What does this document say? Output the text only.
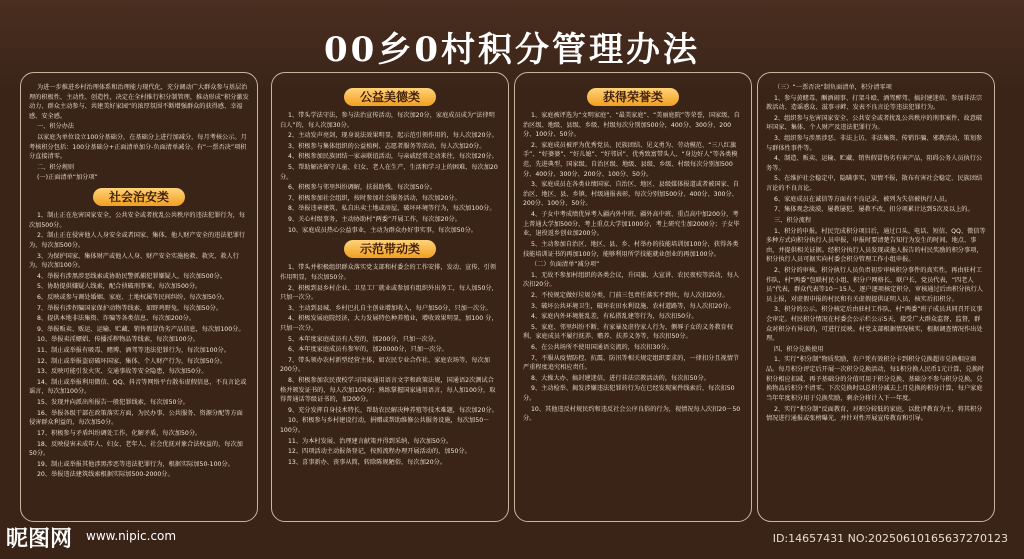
00乡0村积分管理办法

为进一步推进乡村治理体系和治理能力现代化，充分调动广大群众参与基层治理的积极性、主动性、创造性，决定在全村推行积分制管理，推动形成“积分激发动力、群众主动参与、共建美好家园”的浓厚氛围不断增强群众的获得感、幸福感、安全感。

一、积分办法

以家庭为单位设立100分基础分，在基础分上进行加减分，每月考核公示。月考核积分包括：100分基础分+正面清单加分-负面清单减分。有“一票否决”项积分直接清零。

二、积分规则

(一)正面清单“加分项”

社会治安类

1、制止正在危害国家安全，公共安全或者扰乱公共秩序的违法犯罪行为，每次加500分。

2、制止正在侵害他人人身安全或者国家、集体、他人财产安全的违法犯罪行为，每次加500分。

3、为保护国家、集体财产或他人人身、财产安全实施抢救、救灾、救人行为，每次加100分。

4、举报有涉黑涉恶线索或协助民警抓捕犯罪嫌疑人，每次加500分。

5、协助提供嫌疑人线索，配合侦破刑事案，每次加500分。

6、反映或参与调处婚姻、家庭、土地权属等民间纠纷，每次加50分。

7、举报有涉拐骗国家保护动物等线索，如野鸡野兔，每次加50分。

8、提供本地非法集资、诈骗等各类信息，每次加200分。

9、举报贩卖、贩运、运输、贮藏、销售假冒伪劣产品信息，每次加100分。

10、举报卖淫嫖娼、传播淫秽物品等线索，每次加100分。

11、制止或举报有吸毒、赌博、酒驾等违法犯罪行为，每次加100分。

12、制止或举报盗窃破坏国家、集体、个人财产行为，每次加50分。

13、反映可能引发火灾、交通事故等安全隐患，每次加50分。

14、制止或举报利用微信、QQ、抖音等网络平台散布虚假信息，不良言论或谣言，每次加100分。

15、发现并向派出所报告一般犯罪线索，每次加50分。

16、举报各级干部在政策落实方面，为民办事、公共服务、资源分配等方面侵害群众利益的，每次加50分。

17、积极参与矛盾纠纷调处工作，化解矛盾，每次加50分。

18、反映侵害未成年人、妇女、老年人、社会优抚对象合法权益的，每次加50分。

19、制止或举报其他涉黑涉恶等违法犯罪行为，根据实际加50-100分。

20、举报违法建筑线索根据实际加500-2000分。

公益美德类

1、带头学法守法，参与法治宣传活动，每次加20分，家庭成员成为“法律明白人”的，每人次加30分。

2、主动发声亮剑，现身说法效果明显，起示范引领作用的，每人次加20分。

3、积极参与集体组织的公益植树、志愿者服务等活动，每人次加20分。

4、积极参加民族团结一家亲联谊活动，与亲戚经常走动来往，每次加20分。

5、帮助解决留守儿童、妇女、老人在生产、生活和学习上的困难，每次加20分。

6、积极参与邻里纠纷调解，扶弱助残，每次加50分。

7、积极参加社会组织，按时参加社会服务活动，每次加20分。

8、举报违章建筑、私自出卖土地或房屋，破坏环境等行为，每次加100分。

9、关心村级事务，主动协助村“两委”开展工作，每次加20分。

10、家庭成员热心公益事业，主动为群众办好事实事，每次加50分。

示范带动类

1、带头并积极组织群众落实党支部和村委会的工作安排，发动、宣传、引领作用明显，每次加50分。

2、积极到县乡村企业、卫星工厂就业或参加有组织外出务工，每人加50分，只加一次分。

3、主动到县城、乡村巴扎自主创业增加收入，每户加50分，只加一次分。

4、积极发展庭院经济，大力发展特色种养殖业，增收效果明显，加100 分，只加一次分。

5、本年度家庭成员有人党的，加200分，只加一次分。

6、本年度家庭成员有参军的，加20000分，只加一次分。

7、带头领办农村新型经营主体，如农民专业合作社、家庭农场等，每次加200分。

8、积极参加农民夜校学习国家通用语言文字和政策法规，国通语2次测试合格并颁发证书的，每人次加100分；熟练掌握国家通用语言，每人加100分，取得普通话等级证书的，加200分。

9、充分发挥自身技术特长，帮助农民解决种养殖等技术难题，每次加20分。

10、积极参与乡村建设行动，捐赠或帮助维修公共服务设施，每次加50－100分。

11、为本村发展、治理建言献策并得到采纳，每次加50分。

12、四项活动主动报备登记，按照流程办理开展活动的，加50分。

13、喜事新办、丧事从简，转除陈规陋俗，每次加20分。

获得荣誉类

1、家庭被评选为“文明家庭”、“最美家庭”、“美丽庭院”等荣誉，国家级、自治区级、地级、县级、乡级、村级每次分别加500分，400分、300分、200分、100分、50分。

2、家庭成员被评为优秀党员、民族团结、见义勇为、劳动模范、“三八红旗手”、“好婆婆”、“好儿媳”、“好邻居”、优秀致富带头人、“身边好人”等各类模范，先进典型，国家级、自治区级、地级、县级、乡级、村级每次分别加500分、400分、300分、200分、100分、50分。

3、家庭成员在各类业绩国家、自治区、地区、县级媒体报道或者被国家、自治区、地区、县、乡镇、村级通报表彰，每次分别加500分、400分、300分、200分、100分、50分。

4、子女中考成绩优异考入疆内外中班、疆外高中班、重点高中加200分，考上普通大学加500分，考上重点大学加1000分，考上研究生加2000分；子女毕业，退役返乡创业加200分。

5、主动参加自治区、地区、县、乡、村举办的技能培训加100分，获得各类技能培训证书的再加100分，能够利用所学技能就业创业的再加100分。

（二）负面清单“减分项”

1、无故不参加村组织的各类会议，升国旗、大宣讲、农民夜校等活动，每人次扣20分。

2、不按规定做好垃圾分类，门前三包责任落实不到位，每人次扣20分。

3、破坏公共环境卫生，破坏农田水利设施、农村道路等，每人次扣20分。

4、家庭内外环境脏乱差，有私搭乱建等行为，每次扣50分。

5、家庭、邻里纠纷不断、有家暴及虐待家人行为、侧辱子女的义务教育权利、家庭成员不履行抚养、赡养、扶养义务等，每次扣50分。

6、在公共场所不使用国通语交流的，每次扣30分。

7、不服从疫情防控、抗震、防汛等相关规定组织要求的，一律扣分且视情节严重程度追究相应责任。

8、大操大办、搞封建迷信，进行非法宗教活动的，每次扣50分。

9、主动检举、揭发涉嫌违法犯罪的行为在已经发现案件线索后，每次扣50分。

10、其他违反村规民约和违反社会公序良俗的行为，视情况每人次扣20－50分。

（三）“一票否决”制负面清单，积分清零项

1、参与黄赌毒、酗酒闹事、打架斗殴、酒驾醉驾、搞封建迷信、参加非法宗教活动、造谣惑众、滋事寻衅、发表不良言论等违法犯罪行为。

2、组织参与危害国家安全、公共安全或者扰乱公共秩序的刑事案件、故意破坏国家、集体、个人财产及违法犯罪行为。

3、组织参与涉黑涉恶、非法上访、非法集资、传销诈骗、邪教活动，策划参与群体性事件等。

4、制造、贩卖、运输、贮藏、销售假冒伪劣有害产品，阻碍公务人员执行公务等。

5、在维护社会稳定中，隐瞒事实，知情不报，散布有害社会稳定、民族团结言论的不良言论。

6、家庭成员在诚信等方面有不良记录，被列为失信被执行人员。

7、集体观念淡漠，屡教屡犯，屡教不改，扣分项累计达到5次及以上的。

三、积分流程

1、积分的申报。村民完成积分项目后，通过口头、电话、短信、QQ、微信等多种方式向积分执行人员申报，申报时要清楚告知行为发生的时间、地点、事由，并提供相关证据。经积分执行人员发现或他人报告的村民奖励的积分事项，积分执行人员可据实向村委会积分管理工作小组申报。

2、积分的审核。积分执行人员负责初步审核积分事件的真实性，再由驻村工作队，村“两委”包联村民小组、积分户网格长，联户长，党员代表，“四老人员”代表，群众代表等10－15人，逐户逐项核定积分，审核通过后由积分执行人员上报，对虚假申报的村民和有关虚假提供证明人员，核实后扣积分。

3、积分的公示。积分核定后由驻村工作队、村“两委”班子成员共同召开议事会审定。村民积分情况在村委会公示栏公示5天，接受广大群众监督，监督，群众对积分有异议的，可进行反映。村党支部根据情况核实，根据调查情况作出处理。

四、积分兑换使用

1、实行“积分制”物质奖励，农户凭有效积分卡到积分兑换超市兑换相应商品。每月积分评定后开展一次积分兑换活动，每1积分换人民币1元计算，兑换时积分相应扣减，再予基础分的分值可用于积分兑换，基础分不参与积分兑换。兑换物品后积分不清零。下次兑换时以总积分减去上月兑换的积分计算，每户家庭当年年度积分用于兑换奖励，剩余分将计入下一年度。

2、实行“积分制”反面教育，对积分较低的家庭，以批评教育为主，将其积分情况进行通报或张榜曝光，并针对性开展宣传教育和引导。

昵图网 www.nipic.com	ID:14657431 NO:20250610165637270123
